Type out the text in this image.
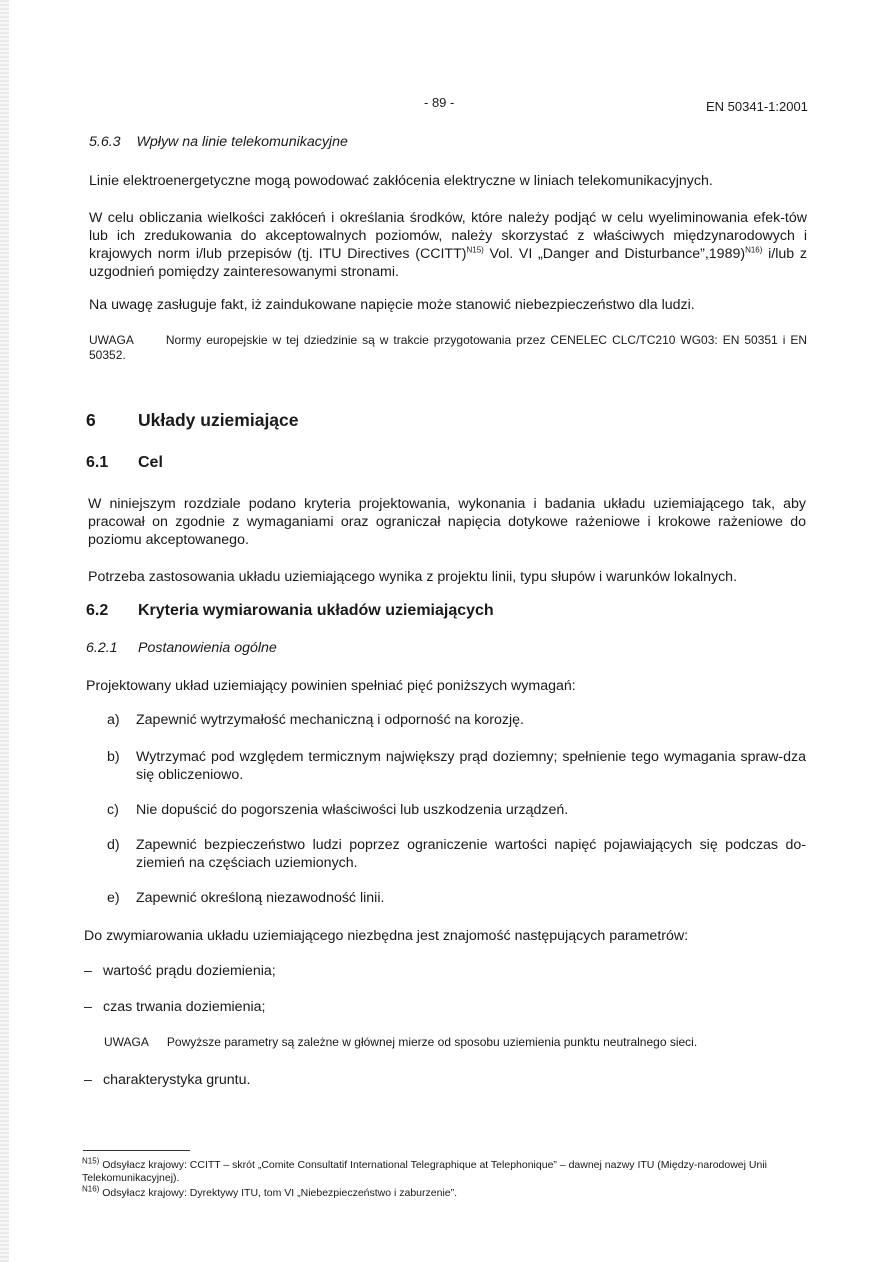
- 89 -	EN 50341-1:2001
5.6.3 Wpływ na linie telekomunikacyjne
Linie elektroenergetyczne mogą powodować zakłócenia elektryczne w liniach telekomunikacyjnych.
W celu obliczania wielkości zakłóceń i określania środków, które należy podjąć w celu wyeliminowania efek-tów lub ich zredukowania do akceptowalnych poziomów, należy skorzystać z właściwych międzynarodowych i krajowych norm i/lub przepisów (tj. ITU Directives (CCITT)$^{N15)}$ Vol. VI „Danger and Disturbance”,1989)$^{N16)}$ i/lub z uzgodnień pomiędzy zainteresowanymi stronami.
Na uwagę zasługuje fakt, iż zaindukowane napięcie może stanowić niebezpieczeństwo dla ludzi.
UWAGA	Normy europejskie w tej dziedzinie są w trakcie przygotowania przez CENELEC CLC/TC210 WG03: EN 50351 i EN 50352.
6 Układy uziemiające
6.1 Cel
W niniejszym rozdziale podano kryteria projektowania, wykonania i badania układu uziemiającego tak, aby pracował on zgodnie z wymaganiami oraz ograniczał napięcia dotykowe rażeniowe i krokowe rażeniowe do poziomu akceptowanego.
Potrzeba zastosowania układu uziemiającego wynika z projektu linii, typu słupów i warunków lokalnych.
6.2 Kryteria wymiarowania układów uziemiających
6.2.1 Postanowienia ogólne
Projektowany układ uziemiający powinien spełniać pięć poniższych wymagań:
a) Zapewnić wytrzymałość mechaniczną i odporność na korozję.
b) Wytrzymać pod względem termicznym największy prąd doziemny; spełnienie tego wymagania spraw-dza się obliczeniowo.
c) Nie dopuścić do pogorszenia właściwości lub uszkodzenia urządzeń.
d) Zapewnić bezpieczeństwo ludzi poprzez ograniczenie wartości napięć pojawiających się podczas do-ziemień na częściach uziemionych.
e) Zapewnić określoną niezawodność linii.
Do zwymiarowania układu uziemiającego niezbędna jest znajomość następujących parametrów:
– wartość prądu doziemienia;
– czas trwania doziemienia;
UWAGA Powyższe parametry są zależne w głównej mierze od sposobu uziemienia punktu neutralnego sieci.
– charakterystyka gruntu.
$^{N15)}$ Odsyłacz krajowy: CCITT – skrót „Comite Consultatif International Telegraphique at Telephonique” – dawnej nazwy ITU (Między-narodowej Unii Telekomunikacyjnej).
$^{N16)}$ Odsyłacz krajowy: Dyrektywy ITU, tom VI „Niebezpieczeństwo i zaburzenie”.
